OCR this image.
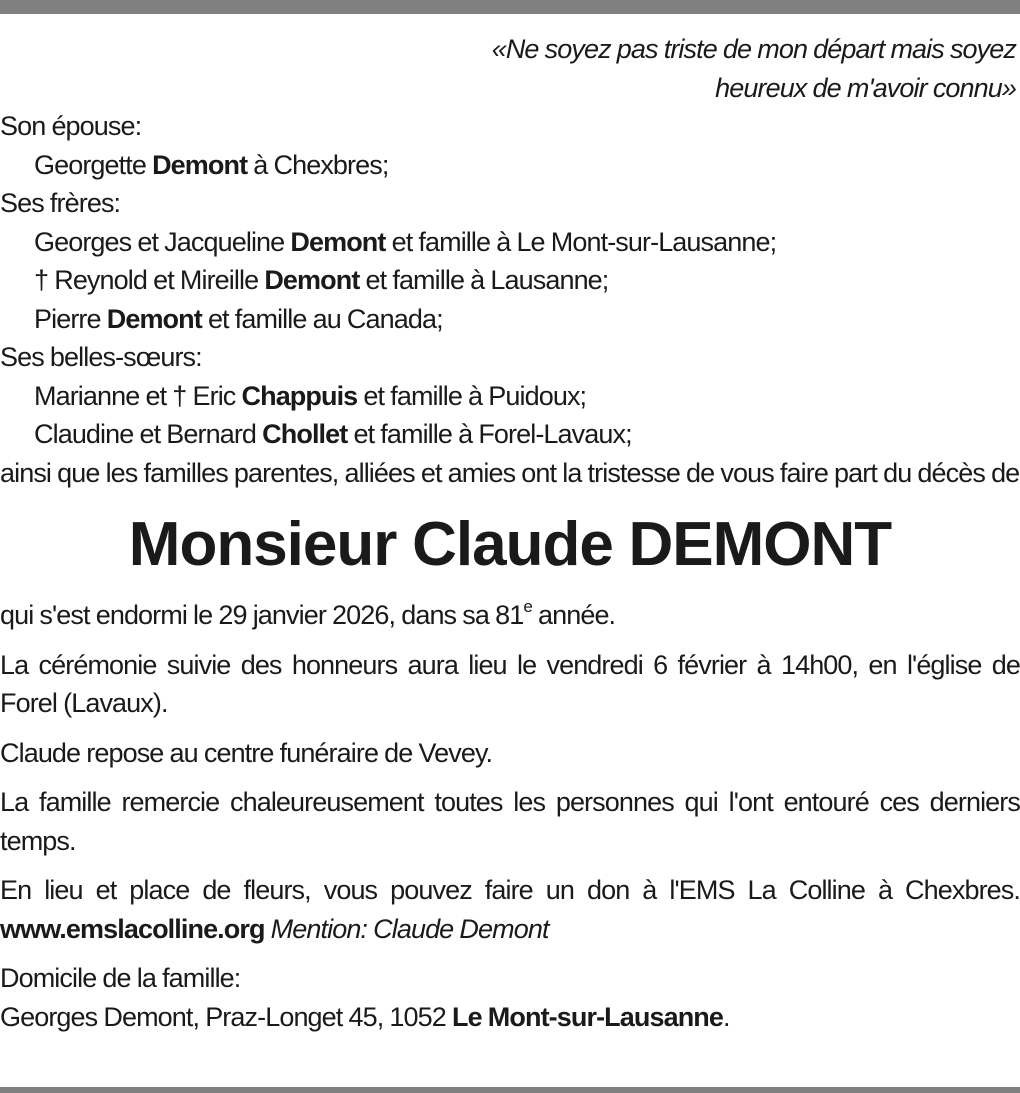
«Ne soyez pas triste de mon départ mais soyez
heureux de m'avoir connu»

Son épouse:
Georgette Demont à Chexbres;
Ses frères:
Georges et Jacqueline Demont et famille à Le Mont-sur-Lausanne;
† Reynold et Mireille Demont et famille à Lausanne;
Pierre Demont et famille au Canada;
Ses belles-sœurs:
Marianne et † Eric Chappuis et famille à Puidoux;
Claudine et Bernard Chollet et famille à Forel-Lavaux;

ainsi que les familles parentes, alliées et amies ont la tristesse de vous faire part du décès de

Monsieur Claude DEMONT

qui s'est endormi le 29 janvier 2026, dans sa 81e année.

La cérémonie suivie des honneurs aura lieu le vendredi 6 février à 14h00, en l'église de Forel (Lavaux).

Claude repose au centre funéraire de Vevey.

La famille remercie chaleureusement toutes les personnes qui l'ont entouré ces derniers temps.

En lieu et place de fleurs, vous pouvez faire un don à l'EMS La Colline à Chexbres. www.emslacolline.org Mention: Claude Demont

Domicile de la famille:
Georges Demont, Praz-Longet 45, 1052 Le Mont-sur-Lausanne.
